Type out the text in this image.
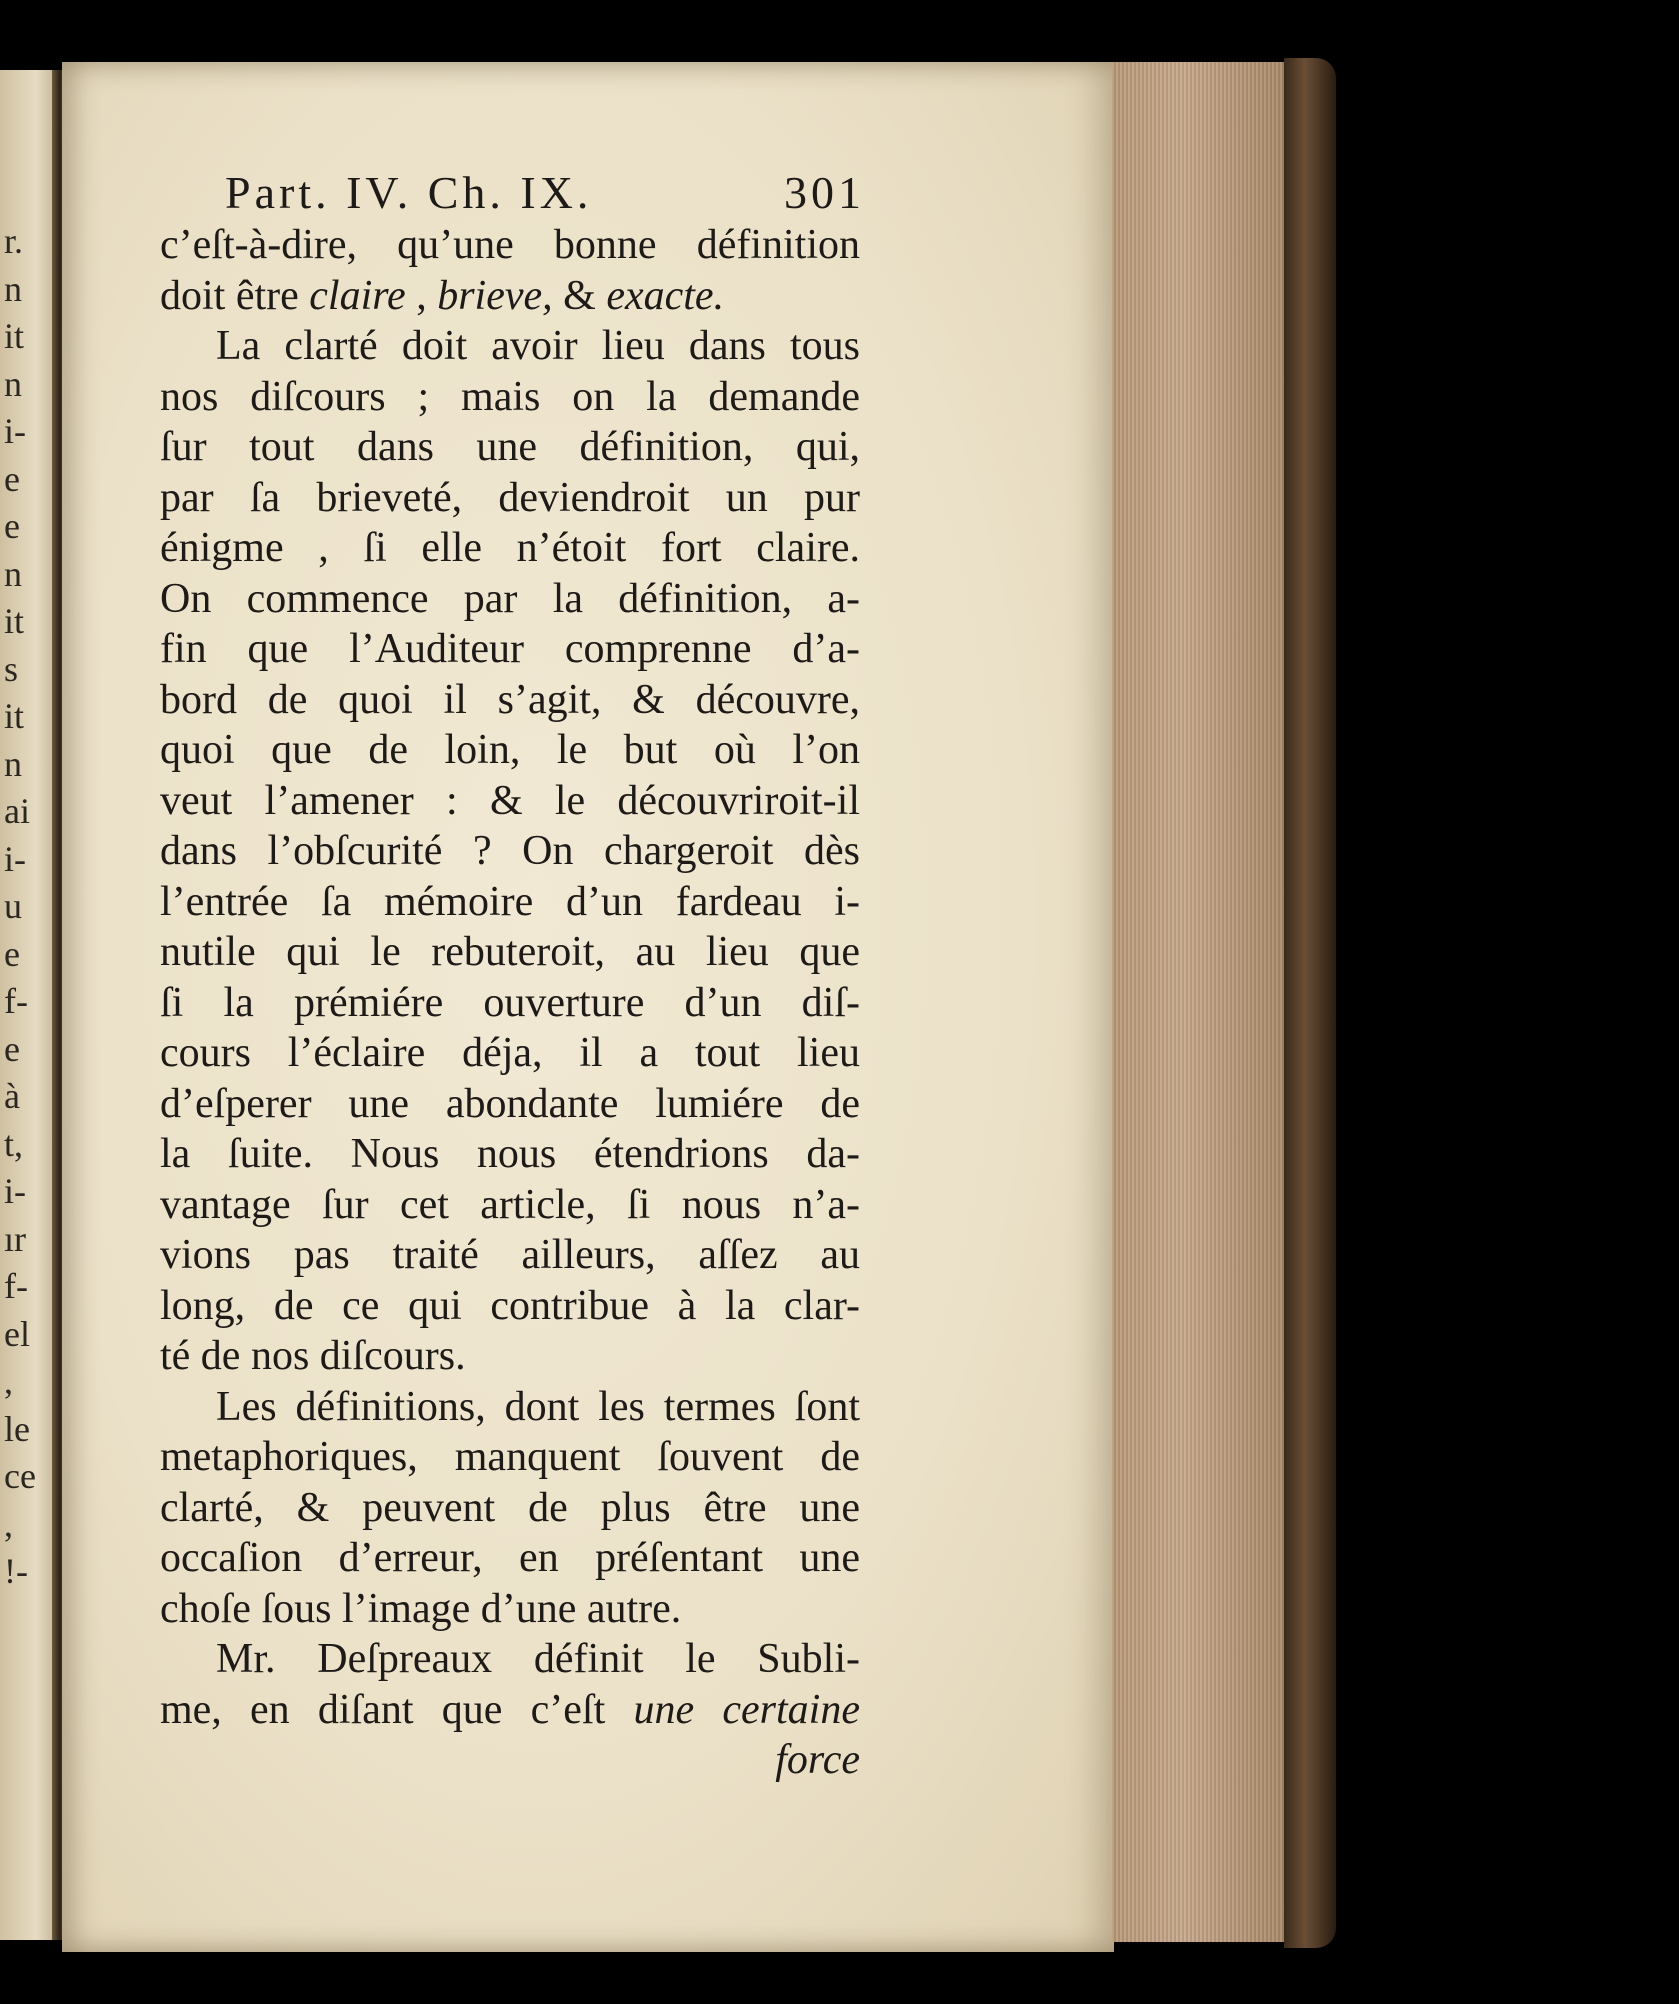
r.
n
it
n
i-
e
e
n
it
s
it
n
ai
i-
u
e
f-
e
à
t,
i-
ır
f-
el
,
le
ce
,
!-
Part. IV. Ch. IX.	301
c’eſt-à-dire, qu’une bonne définition
doit être claire , brieve, & exacte.
La clarté doit avoir lieu dans tous
nos diſcours ; mais on la demande
ſur tout dans une définition, qui,
par ſa brieveté, deviendroit un pur
énigme , ſi elle n’étoit fort claire.
On commence par la définition, a-
fin que l’Auditeur comprenne d’a-
bord de quoi il s’agit, & découvre,
quoi que de loin, le but où l’on
veut l’amener : & le découvriroit-il
dans l’obſcurité ? On chargeroit dès
l’entrée ſa mémoire d’un fardeau i-
nutile qui le rebuteroit, au lieu que
ſi la prémiére ouverture d’un diſ-
cours l’éclaire déja, il a tout lieu
d’eſperer une abondante lumiére de
la ſuite. Nous nous étendrions da-
vantage ſur cet article, ſi nous n’a-
vions pas traité ailleurs, aſſez au
long, de ce qui contribue à la clar-
té de nos diſcours.
Les définitions, dont les termes ſont
metaphoriques, manquent ſouvent de
clarté, & peuvent de plus être une
occaſion d’erreur, en préſentant une
choſe ſous l’image d’une autre.
Mr. Deſpreaux définit le Subli-
me, en diſant que c’eſt une certaine
force
